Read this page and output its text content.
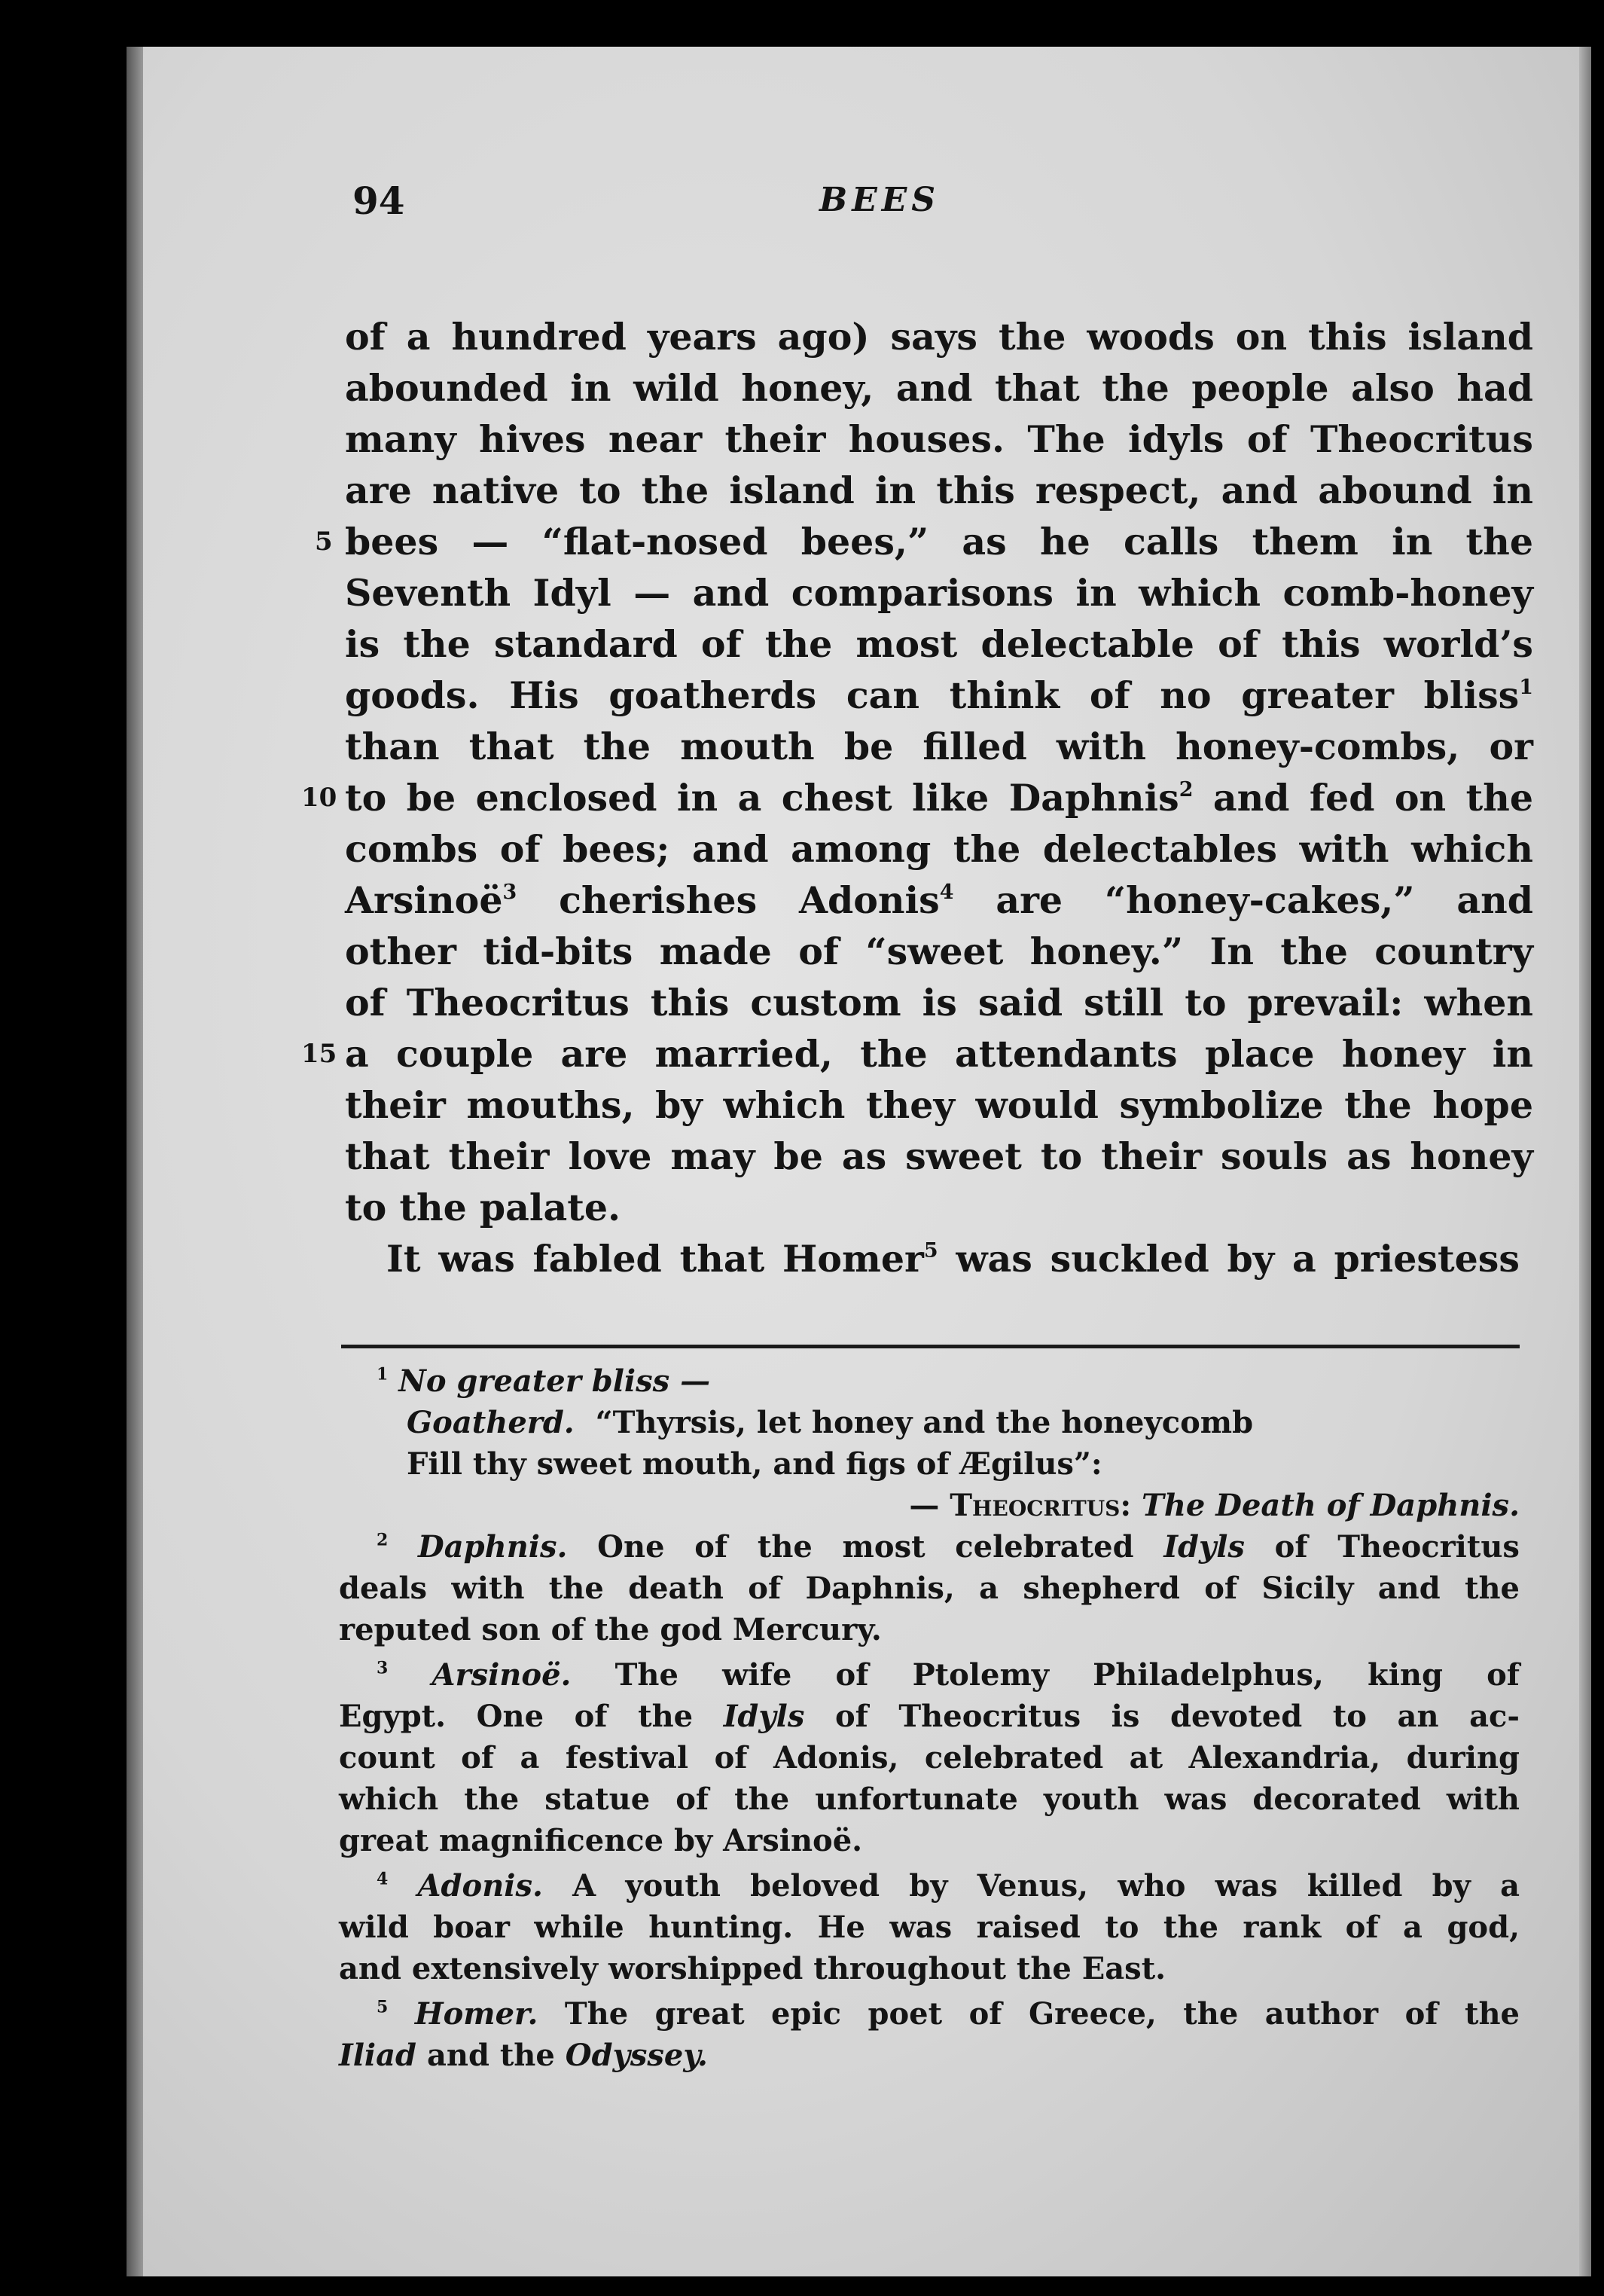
94	BEES
of a hundred years ago) says the woods on this island
abounded in wild honey, and that the people also had
many hives near their houses. The idyls of Theocritus
are native to the island in this respect, and abound in
5 bees — “flat-nosed bees,” as he calls them in the
Seventh Idyl — and comparisons in which comb-honey
is the standard of the most delectable of this world’s
goods. His goatherds can think of no greater bliss$^1$
than that the mouth be filled with honey-combs, or
10 to be enclosed in a chest like Daphnis$^2$ and fed on the
combs of bees; and among the delectables with which
Arsinoë$^3$ cherishes Adonis$^4$ are “honey-cakes,” and
other tid-bits made of “sweet honey.” In the country
of Theocritus this custom is said still to prevail: when
15 a couple are married, the attendants place honey in
their mouths, by which they would symbolize the hope
that their love may be as sweet to their souls as honey
to the palate.
It was fabled that Homer$^5$ was suckled by a priestess
$^1$ No greater bliss —
Goatherd. “Thyrsis, let honey and the honeycomb
Fill thy sweet mouth, and figs of Ægilus”:
— Theocritus: The Death of Daphnis.
$^2$ Daphnis. One of the most celebrated Idyls of Theocritus
deals with the death of Daphnis, a shepherd of Sicily and the
reputed son of the god Mercury.
$^3$ Arsinoë. The wife of Ptolemy Philadelphus, king of
Egypt. One of the Idyls of Theocritus is devoted to an ac-
count of a festival of Adonis, celebrated at Alexandria, during
which the statue of the unfortunate youth was decorated with
great magnificence by Arsinoë.
$^4$ Adonis. A youth beloved by Venus, who was killed by a
wild boar while hunting. He was raised to the rank of a god,
and extensively worshipped throughout the East.
$^5$ Homer. The great epic poet of Greece, the author of the
Iliad and the Odyssey.
